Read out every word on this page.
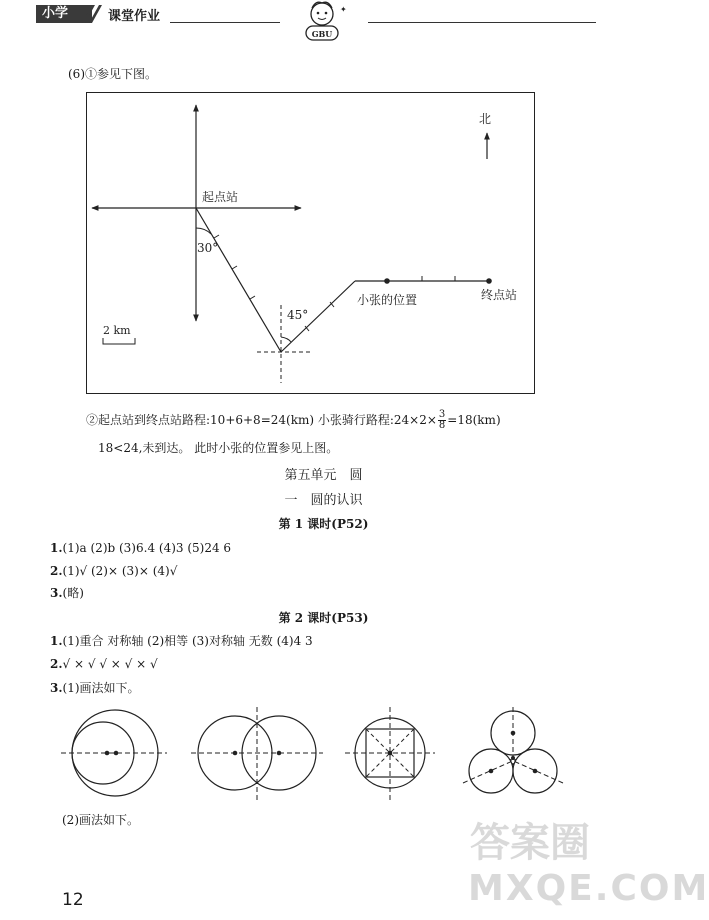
小学	课堂作业
GBU
✦
(6)①参见下图。
北
起点站
30°
45°
小张的位置	终点站
2 km
②起点站到终点站路程:10+6+8=24(km) 小张骑行路程:24×2× $\frac{3}{8} =18(km)$
18<24,未到达。 此时小张的位置参见上图。
第五单元　圆
一　圆的认识
第 1 课时(P52)
1.(1)a (2)b (3)6.4 (4)3 (5)24 6
2.(1)√ (2)× (3)× (4)√
3.(略)
第 2 课时(P53)
1.(1)重合 对称轴 (2)相等 (3)对称轴 无数 (4)4 3
2.√ × √ √ × √ × √
3.(1)画法如下。
(2)画法如下。
12
答案圈
MXQE.COM
